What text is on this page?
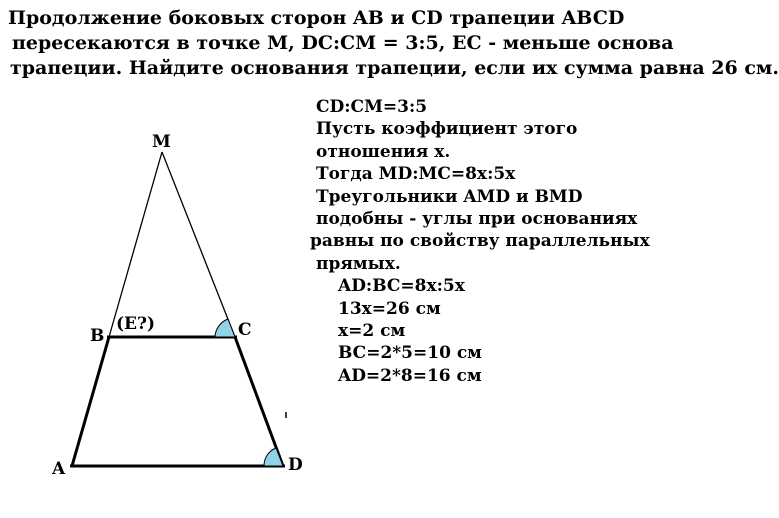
Продолжение боковых сторон AB и CD трапеции ABCD
пересекаются в точке M, DC:CM = 3:5, EC - меньше основа
трапеции. Найдите основания трапеции, если их сумма равна 26 см.
CD:CM=3:5
Пусть коэффициент этого
отношения x.
Тогда MD:MC=8x:5x
Треугольники AMD и BMD
подобны - углы при основаниях
равны по свойству параллельных
прямых.
AD:BC=8x:5x
13x=26 см
x=2 см
BC=2*5=10 см
AD=2*8=16 см
M
B
(E?)	C
A	D
